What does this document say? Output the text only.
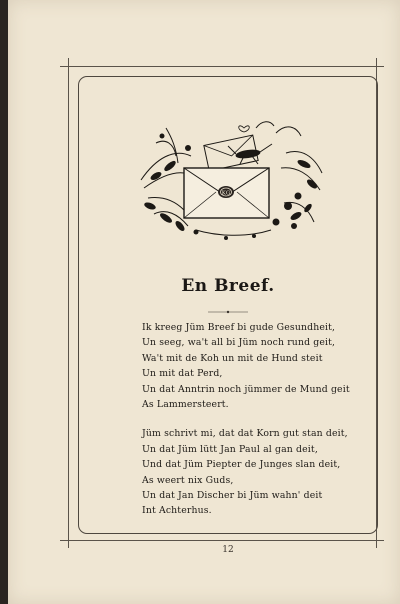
KG
En Breef.
Ik kreeg Jüm Breef bi gude Gesundheit,
Un seeg, wa't all bi Jüm noch rund geit,
Wa't mit de Koh un mit de Hund steit
Un mit dat Perd,
Un dat Anntrin noch jümmer de Mund geit
As Lammersteert.
Jüm schrivt mi, dat dat Korn gut stan deit,
Un dat Jüm lütt Jan Paul al gan deit,
Und dat Jüm Piepter de Junges slan deit,
As weert nix Guds,
Un dat Jan Discher bi Jüm wahn' deit
Int Achterhus.
12
